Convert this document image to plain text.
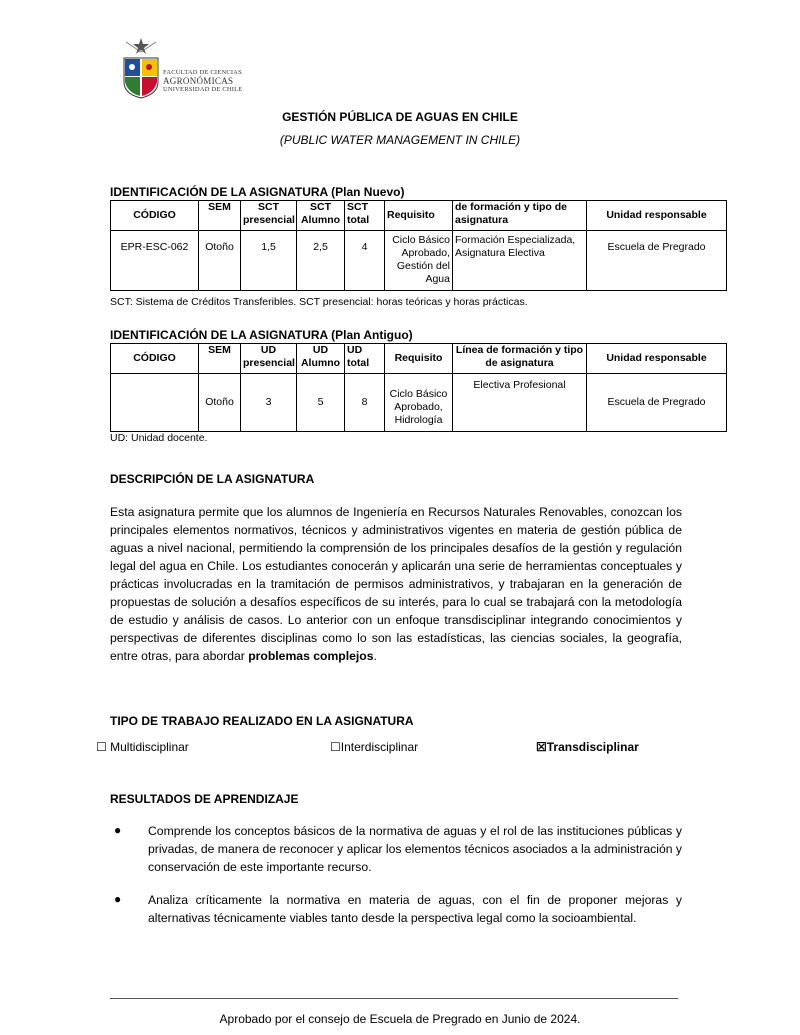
FACULTAD DE CIENCIAS
AGRONÓMICAS
UNIVERSIDAD DE CHILE
GESTIÓN PÚBLICA DE AGUAS EN CHILE
(PUBLIC WATER MANAGEMENT IN CHILE)
IDENTIFICACIÓN DE LA ASIGNATURA (Plan Nuevo)
CÓDIGO	SEM	SCT presencial	SCT Alumno	SCT total	Requisito	de formación y tipo de asignatura	Unidad responsable
EPR-ESC-062	Otoño	1,5	2,5	4	Ciclo Básico Aprobado, Gestión del Agua	Formación Especializada, Asignatura Electiva	Escuela de Pregrado
SCT: Sistema de Créditos Transferibles. SCT presencial: horas teóricas y horas prácticas.
IDENTIFICACIÓN DE LA ASIGNATURA (Plan Antiguo)
CÓDIGO	SEM	UD presencial	UD Alumno	UD total	Requisito	Línea de formación y tipo de asignatura	Unidad responsable
	Otoño	3	5	8	Ciclo Básico Aprobado, Hidrología	Electiva Profesional	Escuela de Pregrado
UD: Unidad docente.
DESCRIPCIÓN DE LA ASIGNATURA
Esta asignatura permite que los alumnos de Ingeniería en Recursos Naturales Renovables, conozcan los principales elementos normativos, técnicos y administrativos vigentes en materia de gestión pública de aguas a nivel nacional, permitiendo la comprensión de los principales desafíos de la gestión y regulación legal del agua en Chile. Los estudiantes conocerán y aplicarán una serie de herramientas conceptuales y prácticas involucradas en la tramitación de permisos administrativos, y trabajaran en la generación de propuestas de solución a desafíos específicos de su interés, para lo cual se trabajará con la metodología de estudio y análisis de casos. Lo anterior con un enfoque transdisciplinar integrando conocimientos y perspectivas de diferentes disciplinas como lo son las estadísticas, las ciencias sociales, la geografía, entre otras, para abordar problemas complejos.
TIPO DE TRABAJO REALIZADO EN LA ASIGNATURA
☐ Multidisciplinar	☐Interdisciplinar	☒Transdisciplinar
RESULTADOS DE APRENDIZAJE
● Comprende los conceptos básicos de la normativa de aguas y el rol de las instituciones públicas y privadas, de manera de reconocer y aplicar los elementos técnicos asociados a la administración y conservación de este importante recurso.
● Analiza críticamente la normativa en materia de aguas, con el fin de proponer mejoras y alternativas técnicamente viables tanto desde la perspectiva legal como la socioambiental.
Aprobado por el consejo de Escuela de Pregrado en Junio de 2024.
